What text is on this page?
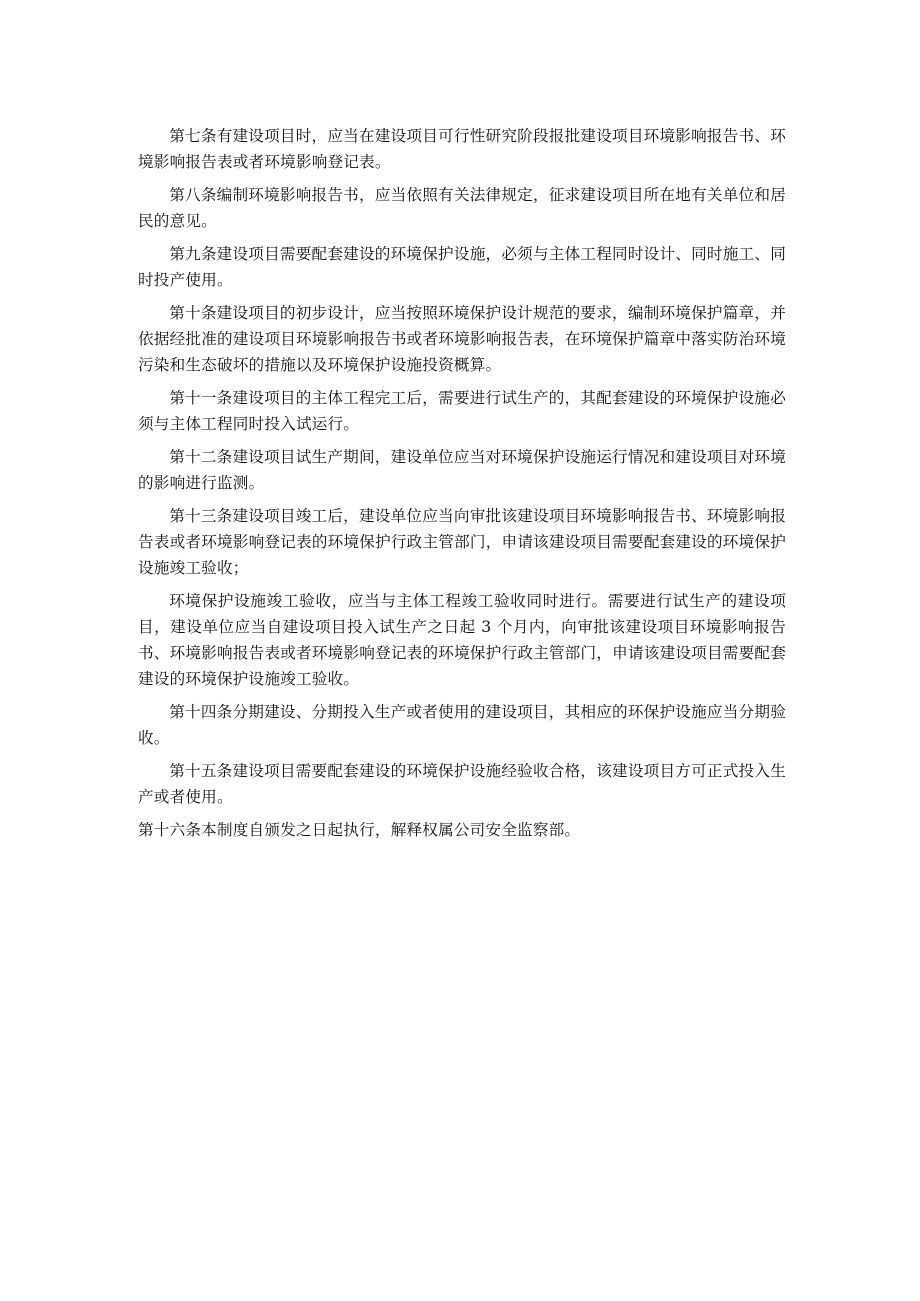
第七条有建设项目时，应当在建设项目可行性研究阶段报批建设项目环境影响报告书、环境影响报告表或者环境影响登记表。

第八条编制环境影响报告书，应当依照有关法律规定，征求建设项目所在地有关单位和居民的意见。

第九条建设项目需要配套建设的环境保护设施，必须与主体工程同时设计、同时施工、同时投产使用。

第十条建设项目的初步设计，应当按照环境保护设计规范的要求，编制环境保护篇章，并依据经批准的建设项目环境影响报告书或者环境影响报告表，在环境保护篇章中落实防治环境污染和生态破坏的措施以及环境保护设施投资概算。

第十一条建设项目的主体工程完工后，需要进行试生产的，其配套建设的环境保护设施必须与主体工程同时投入试运行。

第十二条建设项目试生产期间，建设单位应当对环境保护设施运行情况和建设项目对环境的影响进行监测。

第十三条建设项目竣工后，建设单位应当向审批该建设项目环境影响报告书、环境影响报告表或者环境影响登记表的环境保护行政主管部门，申请该建设项目需要配套建设的环境保护设施竣工验收；

环境保护设施竣工验收，应当与主体工程竣工验收同时进行。需要进行试生产的建设项目，建设单位应当自建设项目投入试生产之日起 3 个月内，向审批该建设项目环境影响报告书、环境影响报告表或者环境影响登记表的环境保护行政主管部门，申请该建设项目需要配套建设的环境保护设施竣工验收。

第十四条分期建设、分期投入生产或者使用的建设项目，其相应的环保护设施应当分期验收。

第十五条建设项目需要配套建设的环境保护设施经验收合格，该建设项目方可正式投入生产或者使用。

第十六条本制度自颁发之日起执行，解释权属公司安全监察部。
